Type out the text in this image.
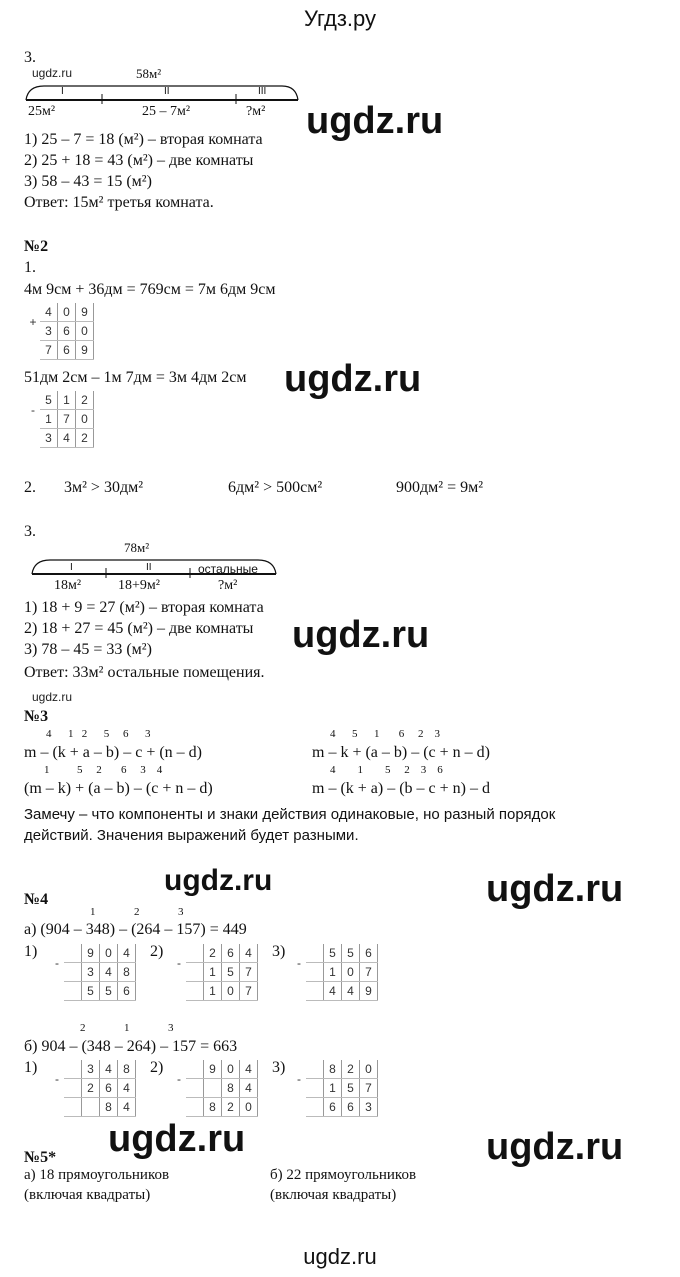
Угдз.ру
3.
ugdz.ru	58м²
I	II	III
25м²	25 – 7м²	?м² ugdz.ru
1) 25 – 7 = 18 (м²) – вторая комната
2) 25 + 18 = 43 (м²) – две комнаты
3) 58 – 43 = 15 (м²)
Ответ: 15м² третья комната.
№2
1.
4м 9см + 36дм = 769см = 7м 6дм 9см
+	4	0	9
	3	6	0
	7	6	9
51дм 2см – 1м 7дм = 3м 4дм 2см ugdz.ru
-	5	1	2
	1	7	0
	3	4	2
2. 3м² > 30дм²	6дм² > 500см²	900дм² = 9м²
3.
78м²
I	II	остальные
18м²	18+9м²	?м²
1) 18 + 9 = 27 (м²) – вторая комната
2) 18 + 27 = 45 (м²) – две комнаты ugdz.ru
3) 78 – 45 = 33 (м²)
Ответ: 33м² остальные помещения.
ugdz.ru
№3
4      1   2      5     6      3
m – (k + a – b) – c + (n – d)
4      5      1       6     2    3
m – k + (a – b) – (c + n – d)
1          5     2       6     3    4
(m – k) + (a – b) – (c + n – d)
4        1        5     2    3    6
m – (k + a) – (b – c + n) – d
Замечу – что компоненты и знаки действия одинаковые, но разный порядок
действий. Значения выражений будет разными.
ugdz.ru	ugdz.ru
№4
1              2              3
а) (904 – 348) – (264 – 157) = 449
1)	2)	3)
-		9	0	4
		3	4	8
		5	5	6
-		2	6	4
		1	5	7
		1	0	7
-		5	5	6
		1	0	7
		4	4	9
2              1              3
б) 904 – (348 – 264) – 157 = 663
1)	2)	3)
-		3	4	8
		2	6	4
			8	4
-		9	0	4
			8	4
		8	2	0
-		8	2	0
		1	5	7
		6	6	3
ugdz.ru	ugdz.ru
№5*
а) 18 прямоугольников
(включая квадраты)
б) 22 прямоугольников
(включая квадраты)
ugdz.ru
